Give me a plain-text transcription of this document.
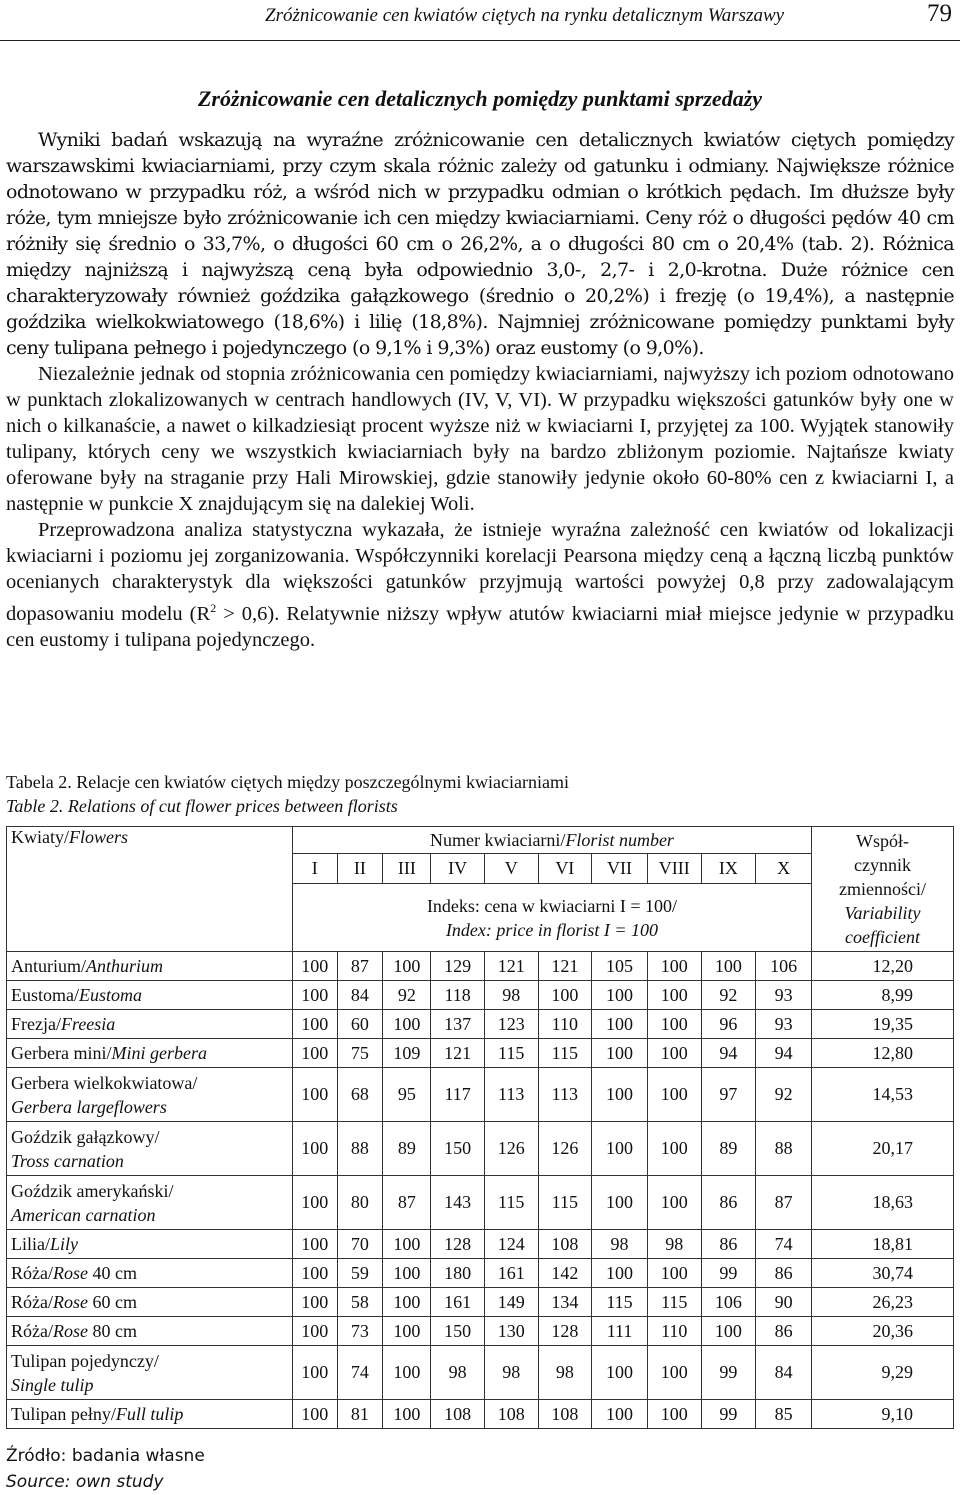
Zróżnicowanie cen kwiatów ciętych na rynku detalicznym Warszawy	79
Zróżnicowanie cen detalicznych pomiędzy punktami sprzedaży

Wyniki badań wskazują na wyraźne zróżnicowanie cen detalicznych kwiatów ciętych pomiędzy warszawskimi kwiaciarniami, przy czym skala różnic zależy od gatunku i odmiany. Największe różnice odnotowano w przypadku róż, a wśród nich w przypadku odmian o krótkich pędach. Im dłuższe były róże, tym mniejsze było zróżnicowanie ich cen między kwiaciarniami. Ceny róż o długości pędów 40 cm różniły się średnio o 33,7%, o długości 60 cm o 26,2%, a o długości 80 cm o 20,4% (tab. 2). Różnica między najniższą i najwyższą ceną była odpowiednio 3,0-, 2,7- i 2,0-krotna. Duże różnice cen charakteryzowały również goździka gałązkowego (średnio o 20,2%) i frezję (o 19,4%), a następnie goździka wielkokwiatowego (18,6%) i lilię (18,8%). Najmniej zróżnicowane pomiędzy punktami były ceny tulipana pełnego i pojedynczego (o 9,1% i 9,3%) oraz eustomy (o 9,0%).

Niezależnie jednak od stopnia zróżnicowania cen pomiędzy kwiaciarniami, najwyższy ich poziom odnotowano w punktach zlokalizowanych w centrach handlowych (IV, V, VI). W przypadku większości gatunków były one w nich o kilkanaście, a nawet o kilkadziesiąt procent wyższe niż w kwiaciarni I, przyjętej za 100. Wyjątek stanowiły tulipany, których ceny we wszystkich kwiaciarniach były na bardzo zbliżonym poziomie. Najtańsze kwiaty oferowane były na straganie przy Hali Mirowskiej, gdzie stanowiły jedynie około 60-80% cen z kwiaciarni I, a następnie w punkcie X znajdującym się na dalekiej Woli.

Przeprowadzona analiza statystyczna wykazała, że istnieje wyraźna zależność cen kwiatów od lokalizacji kwiaciarni i poziomu jej zorganizowania. Współczynniki korelacji Pearsona między ceną a łączną liczbą punktów ocenianych charakterystyk dla większości gatunków przyjmują wartości powyżej 0,8 przy zadowalającym dopasowaniu modelu $(R^2 > 0,6)$. Relatywnie niższy wpływ atutów kwiaciarni miał miejsce jedynie w przypadku cen eustomy i tulipana pojedynczego.

Tabela 2. Relacje cen kwiatów ciętych między poszczególnymi kwiaciarniami
Table 2. Relations of cut flower prices between florists
Kwiaty/Flowers	Numer kwiaciarni/Florist number										Współ-
czynnik
zmienności/
Variability
coefficient

	I	II	III	IV	V	VI	VII	VIII	IX	X	

	Indeks: cena w kwiaciarni I = 100/
Index: price in florist I = 100										

Anturium/Anthurium	100	87	100	129	121	121	105	100	100	106	12,20
Eustoma/Eustoma	100	84	92	118	98	100	100	100	92	93	8,99
Frezja/Freesia	100	60	100	137	123	110	100	100	96	93	19,35
Gerbera mini/Mini gerbera	100	75	109	121	115	115	100	100	94	94	12,80
Gerbera wielkokwiatowa/
Gerbera largeflowers	100	68	95	117	113	113	100	100	97	92	14,53
Goździk gałązkowy/
Tross carnation	100	88	89	150	126	126	100	100	89	88	20,17
Goździk amerykański/
American carnation	100	80	87	143	115	115	100	100	86	87	18,63
Lilia/Lily	100	70	100	128	124	108	98	98	86	74	18,81
Róża/Rose 40 cm	100	59	100	180	161	142	100	100	99	86	30,74
Róża/Rose 60 cm	100	58	100	161	149	134	115	115	106	90	26,23
Róża/Rose 80 cm	100	73	100	150	130	128	111	110	100	86	20,36
Tulipan pojedynczy/
Single tulip	100	74	100	98	98	98	100	100	99	84	9,29
Tulipan pełny/Full tulip	100	81	100	108	108	108	100	100	99	85	9,10
Źródło: badania własne
Source: own study
